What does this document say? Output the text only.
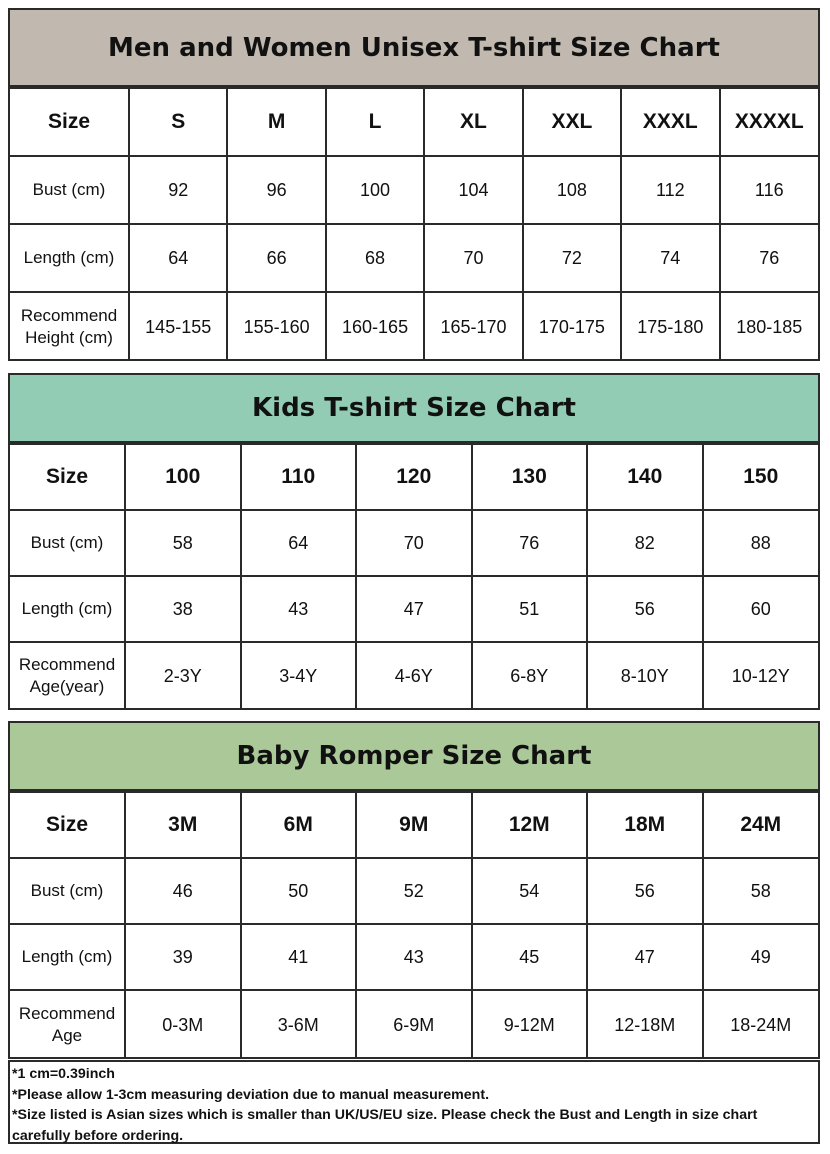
Men and Women Unisex T-shirt Size Chart
Size	S	M	L	XL	XXL	XXXL	XXXXL
Bust (cm)	92	96	100	104	108	112	116
Length (cm)	64	66	68	70	72	74	76

Recommend
Height (cm)	145-155	155-160	160-165	165-170	170-175	175-180	180-185
Kids T-shirt Size Chart
Size	100	110	120	130	140	150
Bust (cm)	58	64	70	76	82	88
Length (cm)	38	43	47	51	56	60

Recommend
Age(year)	2-3Y	3-4Y	4-6Y	6-8Y	8-10Y	10-12Y
Baby Romper Size Chart
Size	3M	6M	9M	12M	18M	24M
Bust (cm)	46	50	52	54	56	58
Length (cm)	39	41	43	45	47	49

Recommend
Age	0-3M	3-6M	6-9M	9-12M	12-18M	18-24M
*1 cm=0.39inch
*Please allow 1-3cm measuring deviation due to manual measurement.
*Size listed is Asian sizes which is smaller than UK/US/EU size. Please check the Bust and Length in size chart
carefully before ordering.
